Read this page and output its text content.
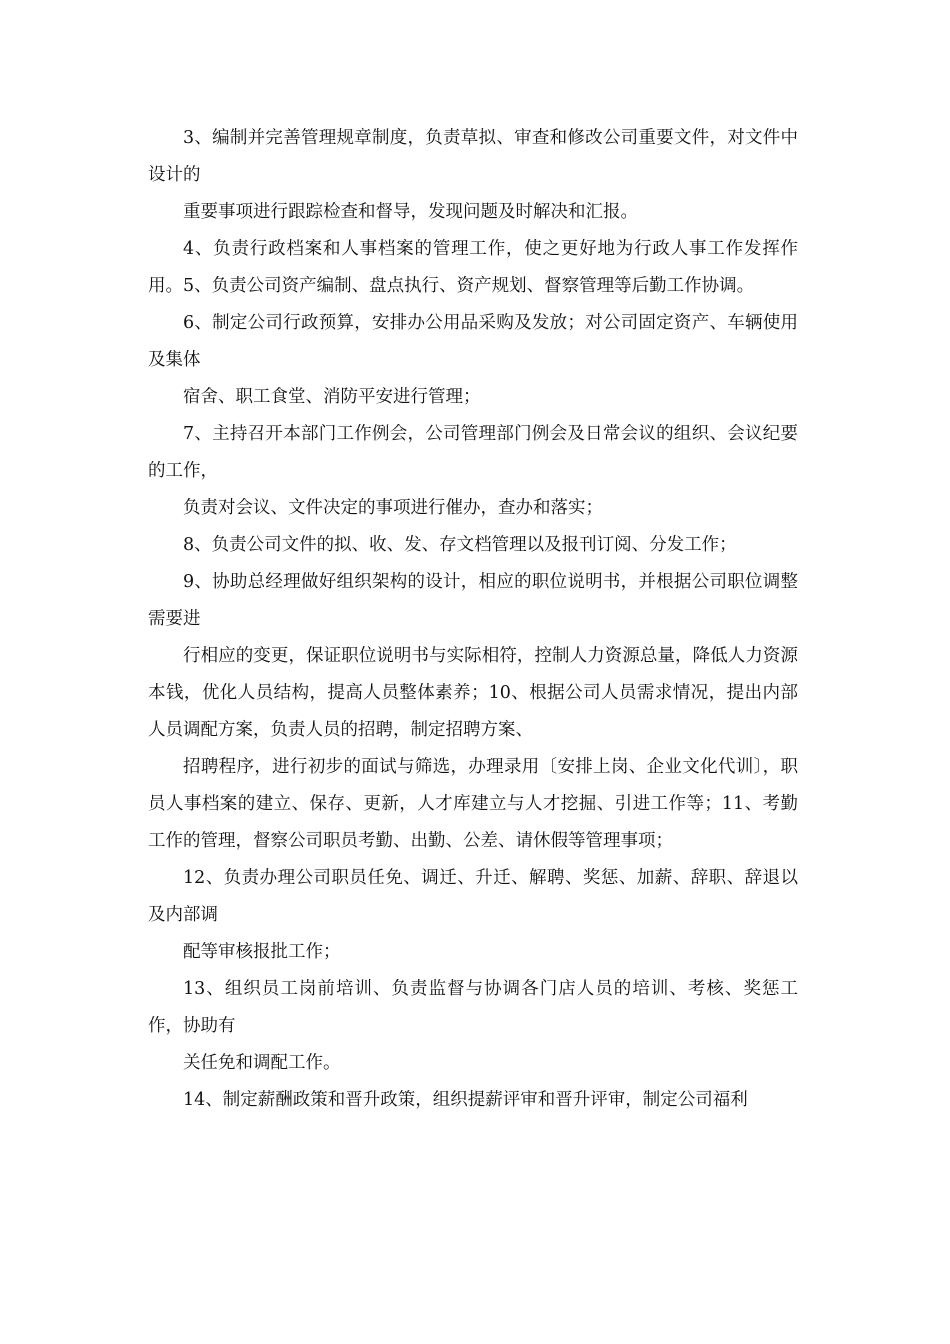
3、编制并完善管理规章制度，负责草拟、审查和修改公司重要文件，对文件中设计的

重要事项进行跟踪检查和督导，发现问题及时解决和汇报。

4、负责行政档案和人事档案的管理工作，使之更好地为行政人事工作发挥作用。5、负责公司资产编制、盘点执行、资产规划、督察管理等后勤工作协调。

6、制定公司行政预算，安排办公用品采购及发放；对公司固定资产、车辆使用及集体

宿舍、职工食堂、消防平安进行管理；

7、主持召开本部门工作例会，公司管理部门例会及日常会议的组织、会议纪要的工作，

负责对会议、文件决定的事项进行催办，查办和落实；

8、负责公司文件的拟、收、发、存文档管理以及报刊订阅、分发工作；

9、协助总经理做好组织架构的设计，相应的职位说明书，并根据公司职位调整需要进

行相应的变更，保证职位说明书与实际相符，控制人力资源总量，降低人力资源本钱，优化人员结构，提高人员整体素养；10、根据公司人员需求情况，提出内部人员调配方案，负责人员的招聘，制定招聘方案、

招聘程序，进行初步的面试与筛选，办理录用〔安排上岗、企业文化代训〕，职员人事档案的建立、保存、更新，人才库建立与人才挖掘、引进工作等；11、考勤工作的管理，督察公司职员考勤、出勤、公差、请休假等管理事项；

12、负责办理公司职员任免、调迁、升迁、解聘、奖惩、加薪、辞职、辞退以及内部调

配等审核报批工作；

13、组织员工岗前培训、负责监督与协调各门店人员的培训、考核、奖惩工作，协助有

关任免和调配工作。

14、制定薪酬政策和晋升政策，组织提薪评审和晋升评审，制定公司福利
